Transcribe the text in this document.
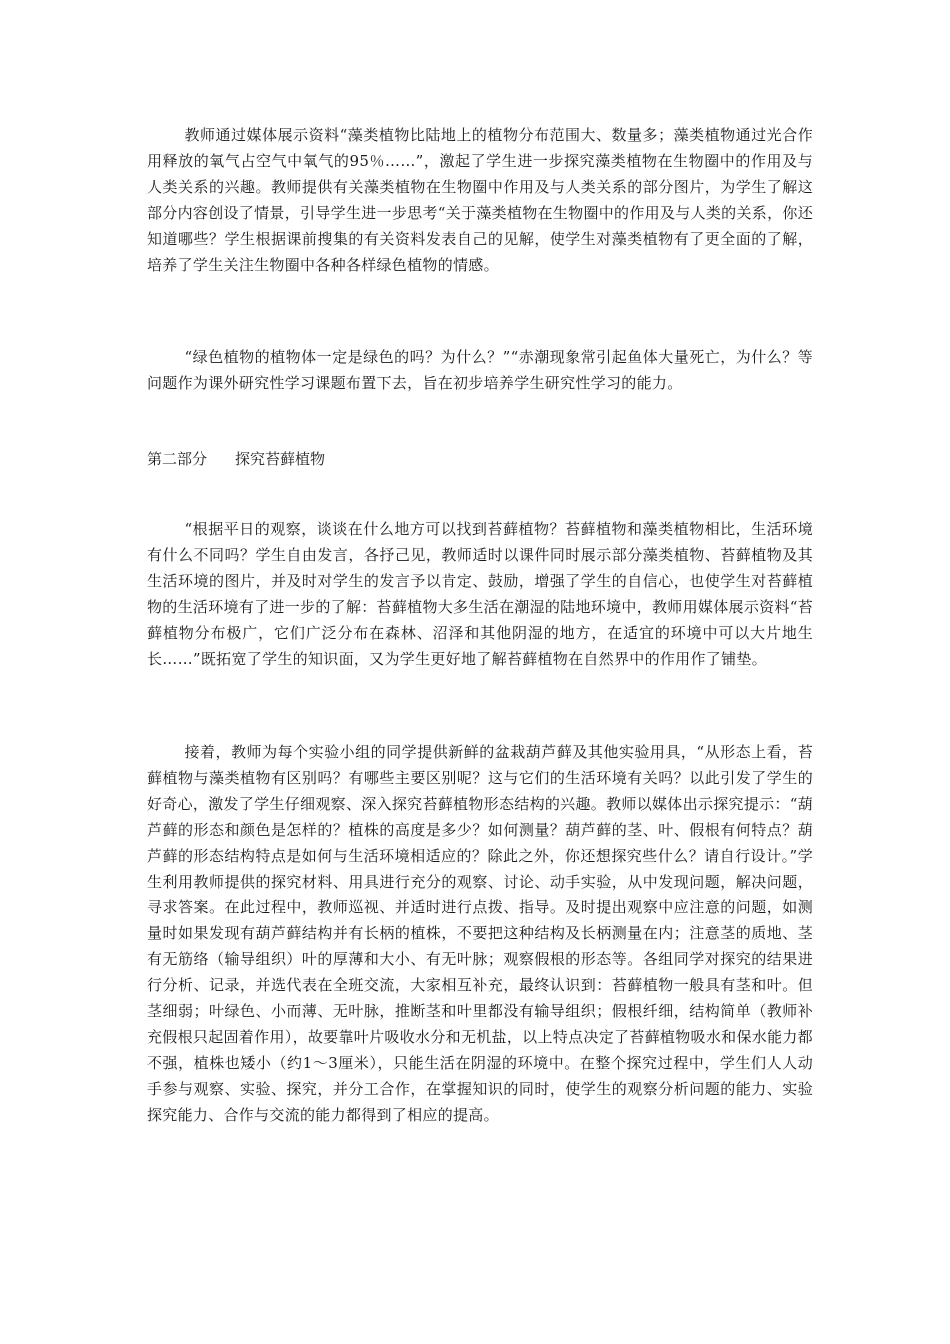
教师通过媒体展示资料“藻类植物比陆地上的植物分布范围大、数量多；藻类植物通过光合作用释放的氧气占空气中氧气的95％……”，激起了学生进一步探究藻类植物在生物圈中的作用及与人类关系的兴趣。教师提供有关藻类植物在生物圈中作用及与人类关系的部分图片，为学生了解这部分内容创设了情景，引导学生进一步思考“关于藻类植物在生物圈中的作用及与人类的关系，你还知道哪些？学生根据课前搜集的有关资料发表自己的见解，使学生对藻类植物有了更全面的了解，培养了学生关注生物圈中各种各样绿色植物的情感。

“绿色植物的植物体一定是绿色的吗？为什么？”“赤潮现象常引起鱼体大量死亡，为什么？等问题作为课外研究性学习课题布置下去，旨在初步培养学生研究性学习的能力。

第二部分 探究苔藓植物

“根据平日的观察，谈谈在什么地方可以找到苔藓植物？苔藓植物和藻类植物相比，生活环境有什么不同吗？学生自由发言，各抒己见，教师适时以课件同时展示部分藻类植物、苔藓植物及其生活环境的图片，并及时对学生的发言予以肯定、鼓励，增强了学生的自信心，也使学生对苔藓植物的生活环境有了进一步的了解：苔藓植物大多生活在潮湿的陆地环境中，教师用媒体展示资料“苔藓植物分布极广，它们广泛分布在森林、沼泽和其他阴湿的地方，在适宜的环境中可以大片地生长……”既拓宽了学生的知识面，又为学生更好地了解苔藓植物在自然界中的作用作了铺垫。

接着，教师为每个实验小组的同学提供新鲜的盆栽葫芦藓及其他实验用具，“从形态上看，苔藓植物与藻类植物有区别吗？有哪些主要区别呢？这与它们的生活环境有关吗？以此引发了学生的好奇心，激发了学生仔细观察、深入探究苔藓植物形态结构的兴趣。教师以媒体出示探究提示：“葫芦藓的形态和颜色是怎样的？植株的高度是多少？如何测量？葫芦藓的茎、叶、假根有何特点？葫芦藓的形态结构特点是如何与生活环境相适应的？除此之外，你还想探究些什么？请自行设计。”学生利用教师提供的探究材料、用具进行充分的观察、讨论、动手实验，从中发现问题，解决问题，寻求答案。在此过程中，教师巡视、并适时进行点拨、指导。及时提出观察中应注意的问题，如测量时如果发现有葫芦藓结构并有长柄的植株，不要把这种结构及长柄测量在内；注意茎的质地、茎有无筋络（输导组织）叶的厚薄和大小、有无叶脉；观察假根的形态等。各组同学对探究的结果进行分析、记录，并选代表在全班交流，大家相互补充，最终认识到：苔藓植物一般具有茎和叶。但茎细弱；叶绿色、小而薄、无叶脉，推断茎和叶里都没有输导组织；假根纤细，结构简单（教师补充假根只起固着作用），故要靠叶片吸收水分和无机盐，以上特点决定了苔藓植物吸水和保水能力都不强，植株也矮小（约1～3厘米），只能生活在阴湿的环境中。在整个探究过程中，学生们人人动手参与观察、实验、探究，并分工合作，在掌握知识的同时，使学生的观察分析问题的能力、实验探究能力、合作与交流的能力都得到了相应的提高。
